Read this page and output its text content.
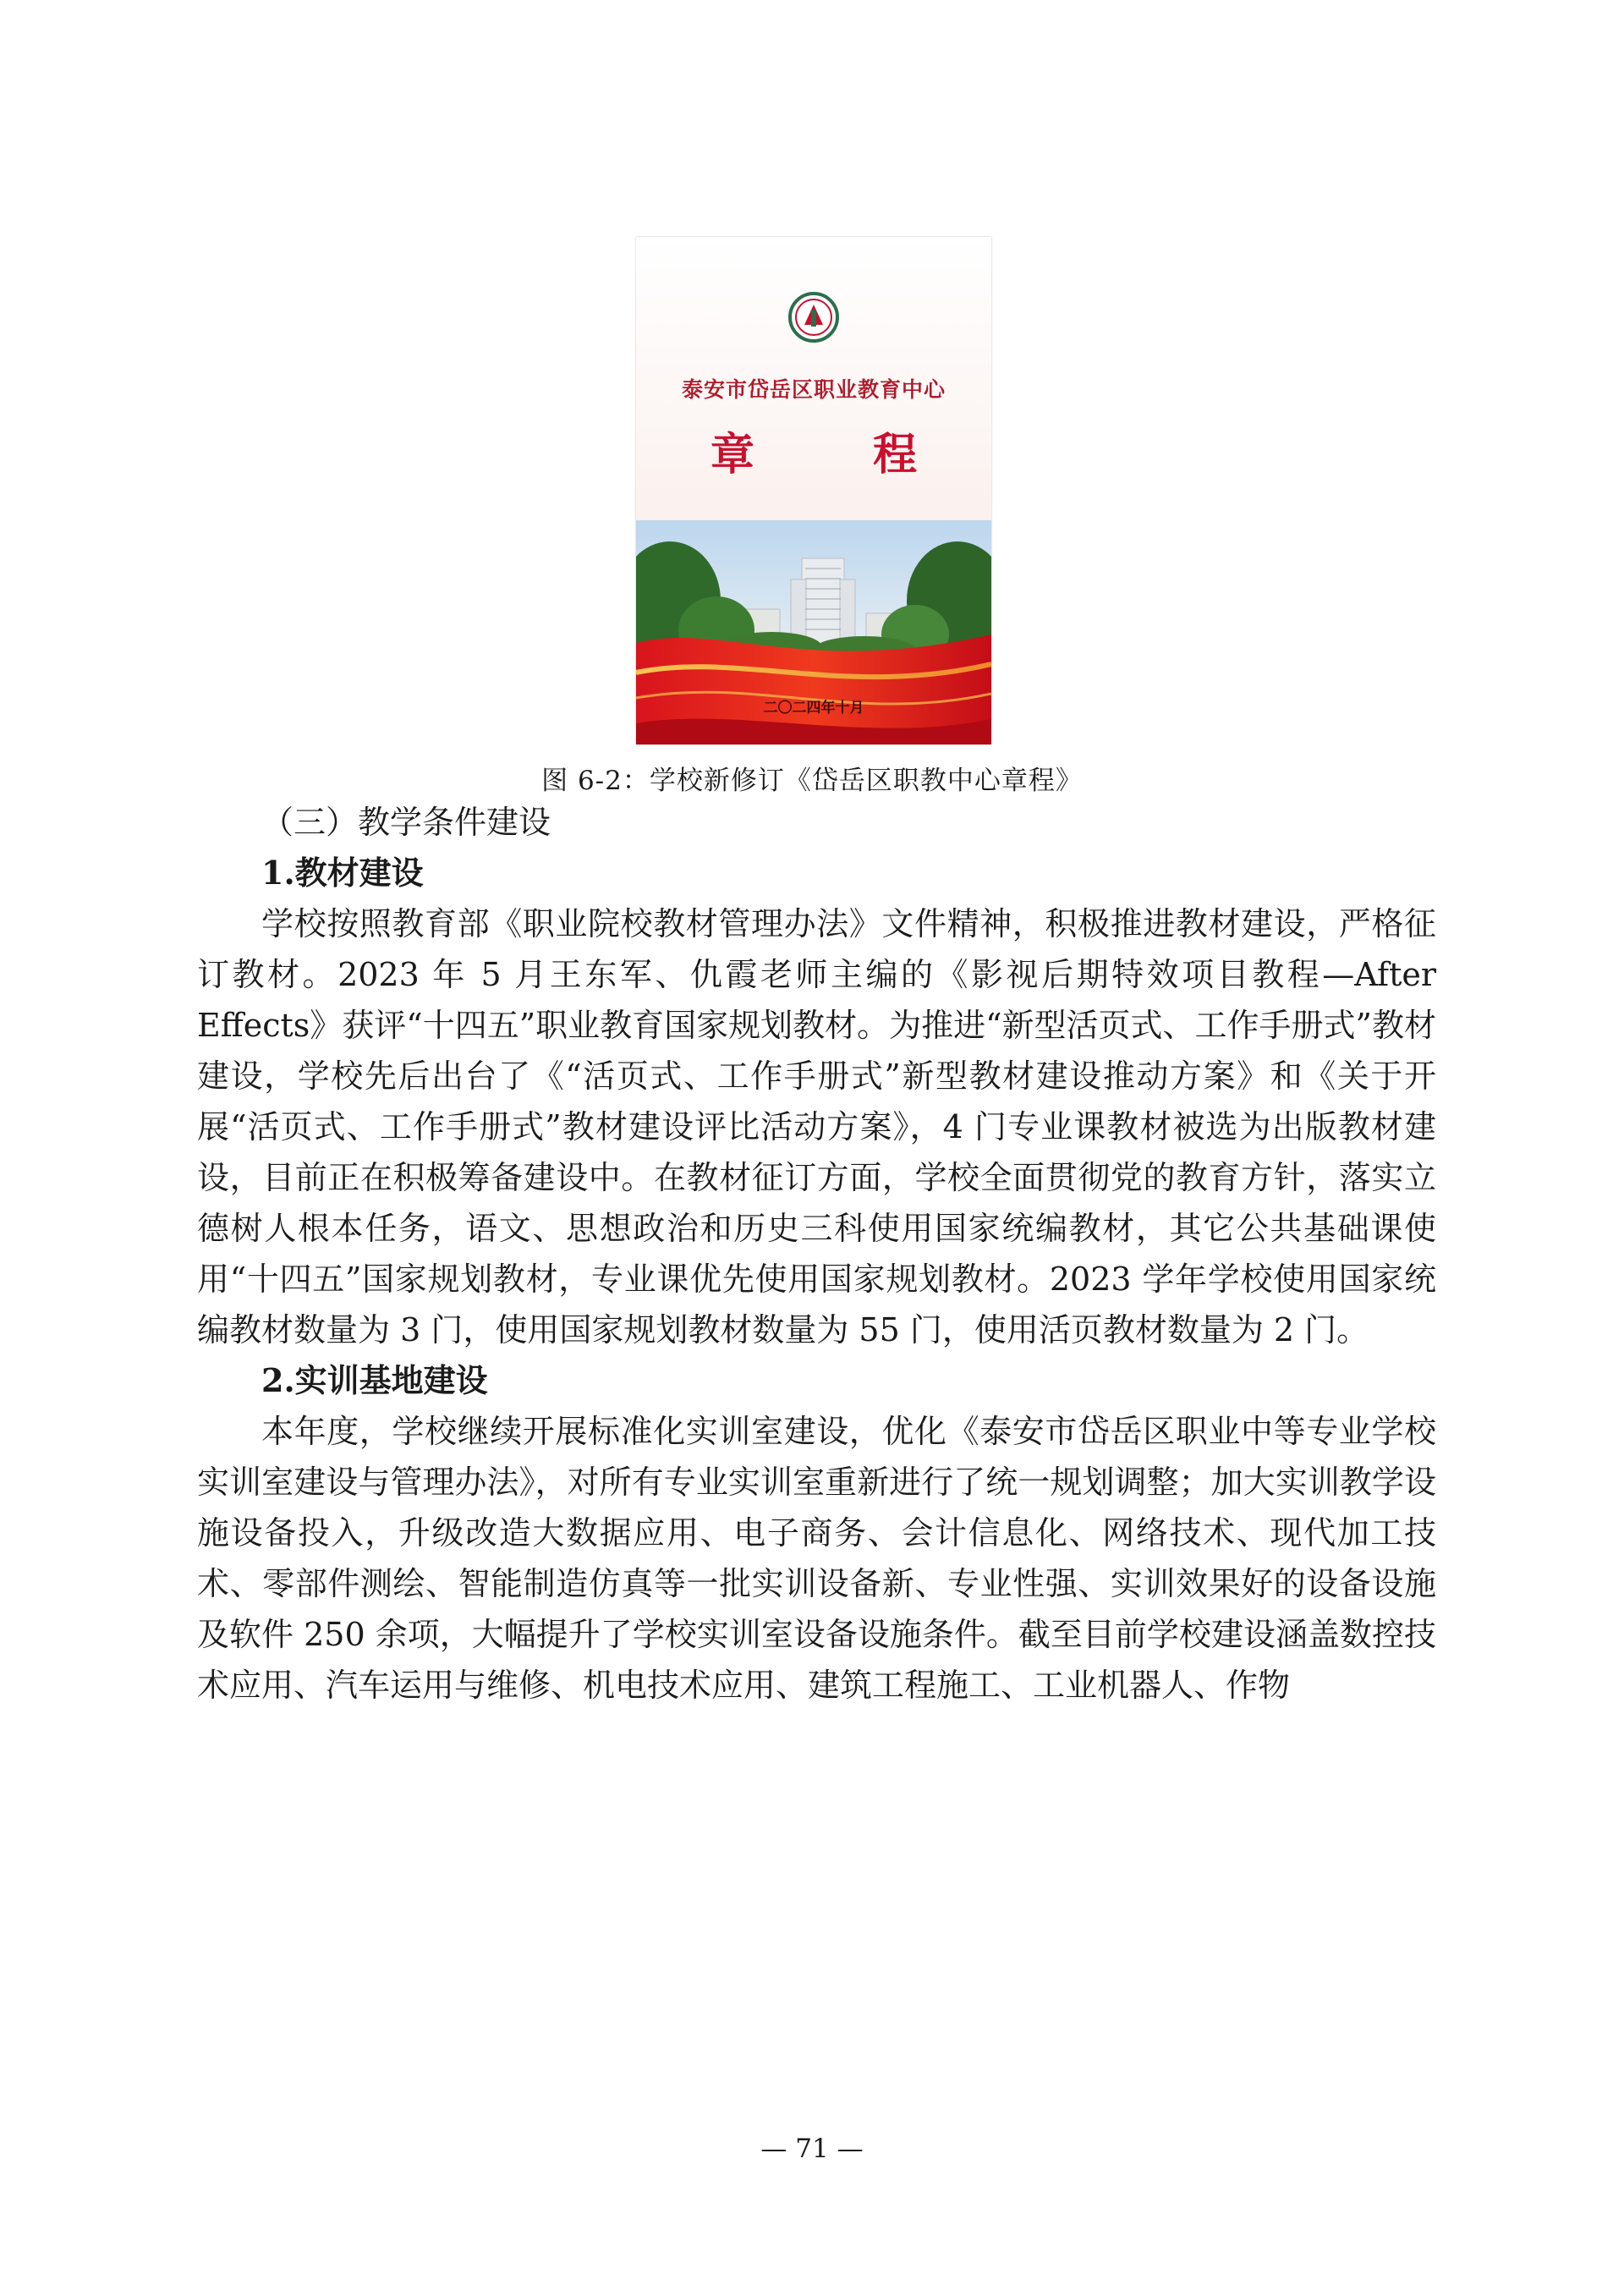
泰安市岱岳区职业教育中心
章　程
二〇二四年十月
图 6-2：学校新修订《岱岳区职教中心章程》

（三）教学条件建设

1.教材建设

学校按照教育部《职业院校教材管理办法》文件精神，积极推进教材建设，严格征订教材。2023 年 5 月王东军、仇霞老师主编的《影视后期特效项目教程—After Effects》获评“十四五”职业教育国家规划教材。为推进“新型活页式、工作手册式”教材建设，学校先后出台了《“活页式、工作手册式”新型教材建设推动方案》和《关于开展“活页式、工作手册式”教材建设评比活动方案》，4 门专业课教材被选为出版教材建设，目前正在积极筹备建设中。在教材征订方面，学校全面贯彻党的教育方针，落实立德树人根本任务，语文、思想政治和历史三科使用国家统编教材，其它公共基础课使用“十四五”国家规划教材，专业课优先使用国家规划教材。2023 学年学校使用国家统编教材数量为 3 门，使用国家规划教材数量为 55 门，使用活页教材数量为 2 门。

2.实训基地建设

本年度，学校继续开展标准化实训室建设，优化《泰安市岱岳区职业中等专业学校实训室建设与管理办法》，对所有专业实训室重新进行了统一规划调整；加大实训教学设施设备投入，升级改造大数据应用、电子商务、会计信息化、网络技术、现代加工技术、零部件测绘、智能制造仿真等一批实训设备新、专业性强、实训效果好的设备设施及软件 250 余项，大幅提升了学校实训室设备设施条件。截至目前学校建设涵盖数控技术应用、汽车运用与维修、机电技术应用、建筑工程施工、工业机器人、作物

— 71 —
